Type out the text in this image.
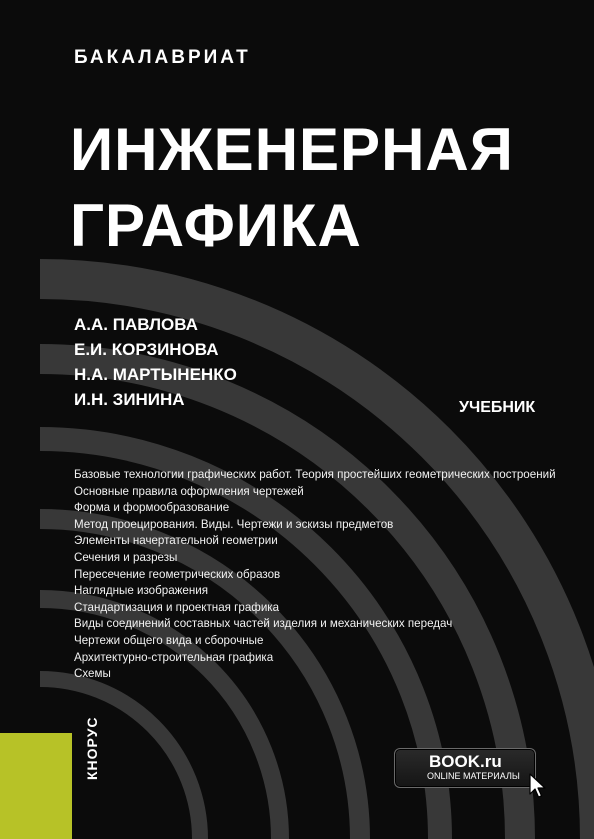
БАКАЛАВРИАТ
ИНЖЕНЕРНАЯ
ГРАФИКА
А.А. ПАВЛОВА
Е.И. КОРЗИНОВА
Н.А. МАРТЫНЕНКО
И.Н. ЗИНИНА	УЧЕБНИК
Базовые технологии графических работ. Теория простейших геометрических построений
Основные правила оформления чертежей
Форма и формообразование
Метод проецирования. Виды. Чертежи и эскизы предметов
Элементы начертательной геометрии
Сечения и разрезы
Пересечение геометрических образов
Наглядные изображения
Стандартизация и проектная графика
Виды соединений составных частей изделия и механических передач
Чертежи общего вида и сборочные
Архитектурно-строительная графика
Схемы
КНОРУС	BOOK.ru
ONLINE МАТЕРИАЛЫ
